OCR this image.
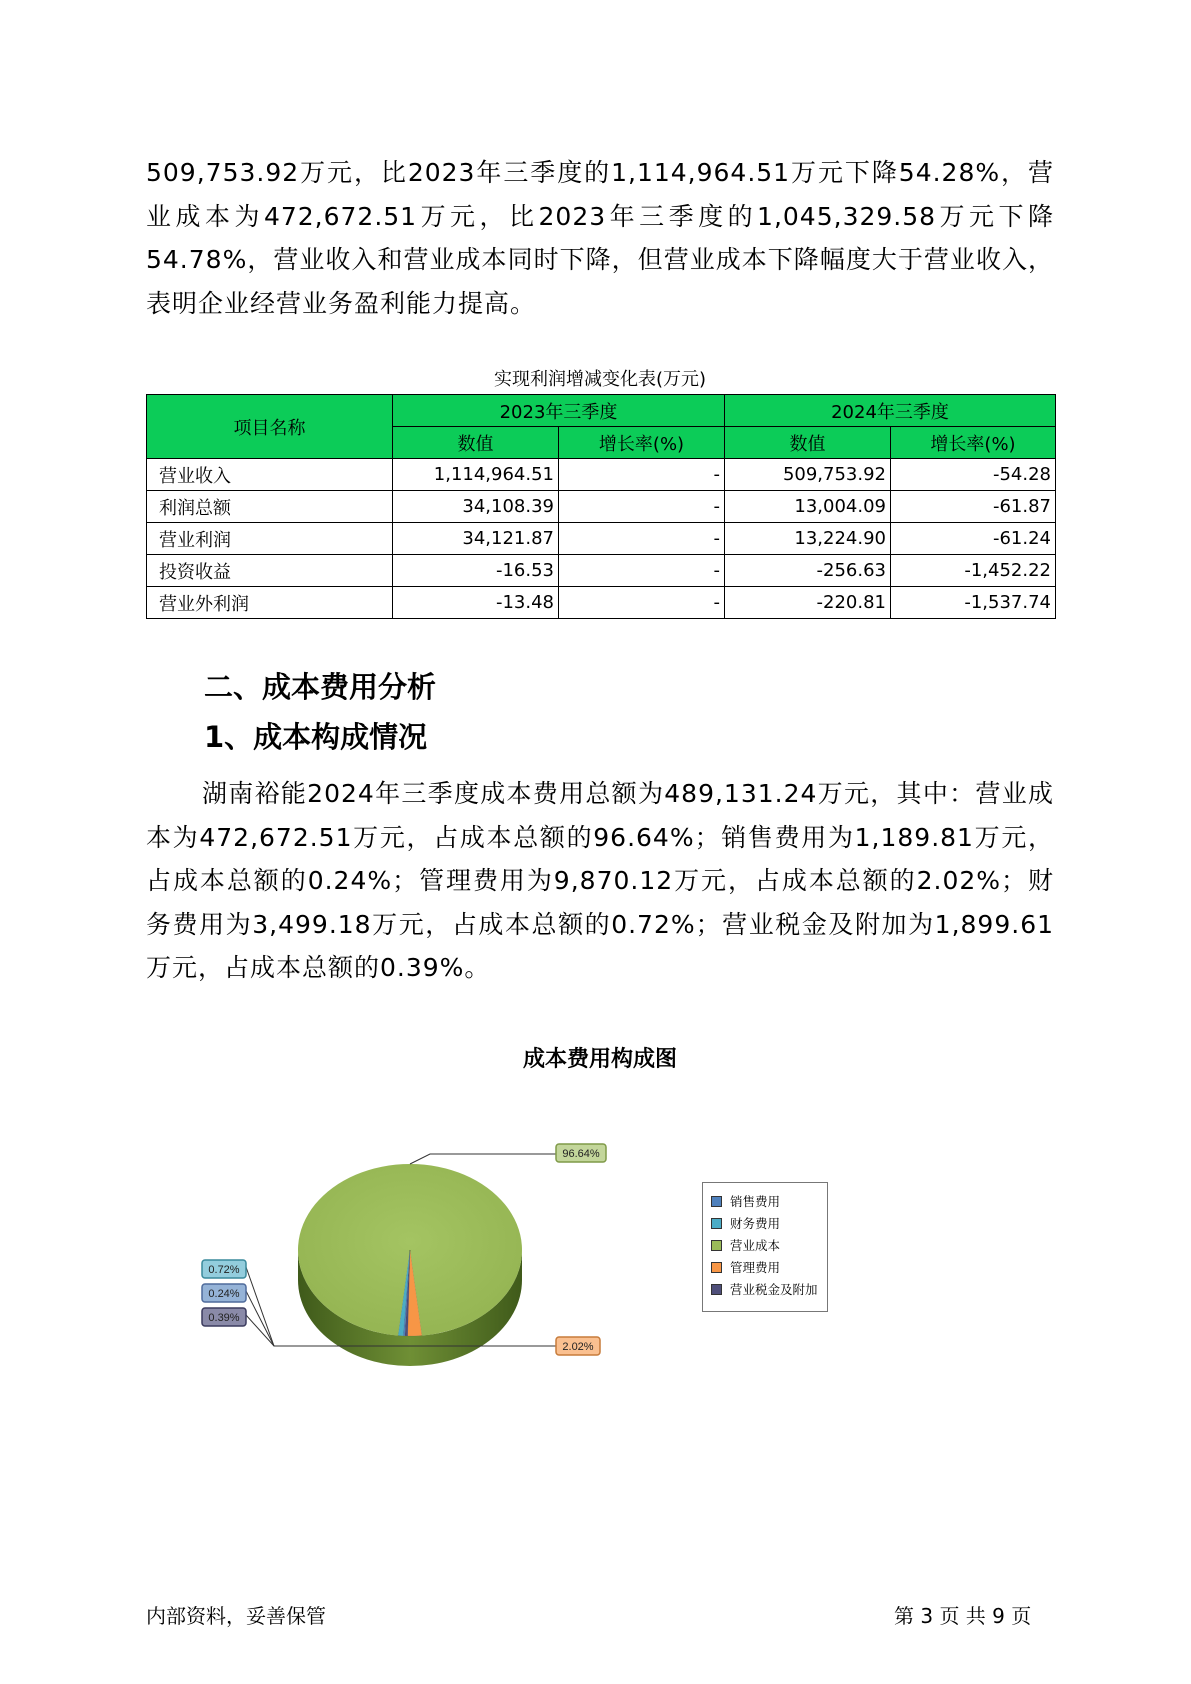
509,753.92万元，比2023年三季度的1,114,964.51万元下降54.28%，营业成本为472,672.51万元，比2023年三季度的1,045,329.58万元下降54.78%，营业收入和营业成本同时下降，但营业成本下降幅度大于营业收入，表明企业经营业务盈利能力提高。
实现利润增减变化表(万元)
项目名称	2023年三季度		2024年三季度	
	数值	增长率(%)	数值	增长率(%)
营业收入	1,114,964.51	-	509,753.92	-54.28
利润总额	34,108.39	-	13,004.09	-61.87
营业利润	34,121.87	-	13,224.90	-61.24
投资收益	-16.53	-	-256.63	-1,452.22
营业外利润	-13.48	-	-220.81	-1,537.74
二、成本费用分析
1、成本构成情况
湖南裕能2024年三季度成本费用总额为489,131.24万元，其中：营业成本为472,672.51万元，占成本总额的96.64%；销售费用为1,189.81万元，占成本总额的0.24%；管理费用为9,870.12万元，占成本总额的2.02%；财务费用为3,499.18万元，占成本总额的0.72%；营业税金及附加为1,899.61万元，占成本总额的0.39%。
成本费用构成图
96.64%
2.02%
0.39%
0.24%
0.72%
销售费用
财务费用
营业成本
管理费用
营业税金及附加
内部资料，妥善保管	第 3 页 共 9 页
